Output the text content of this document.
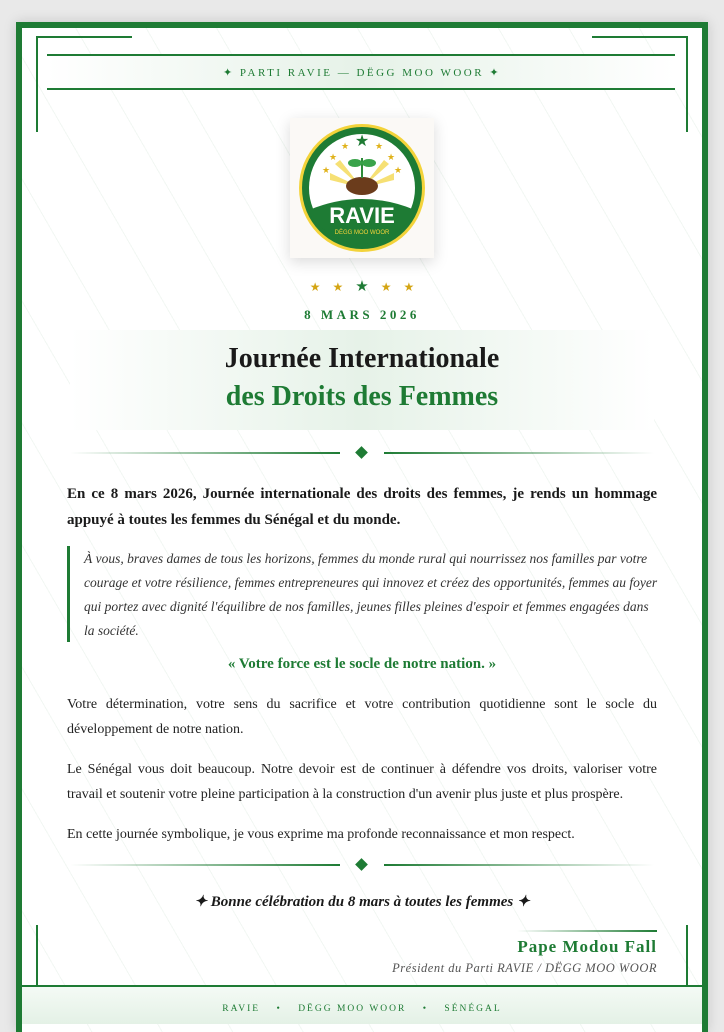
✦ PARTI RAVIE — DËGG MOO WOOR ✦
★
★	★
★	★
★	★
RAVIE
DËGG MOO WOOR
★★★★★
8 MARS 2026
Journée Internationale
des Droits des Femmes

En ce 8 mars 2026, Journée internationale des droits des femmes, je rends un hommage appuyé à toutes les femmes du Sénégal et du monde.

À vous, braves dames de tous les horizons, femmes du monde rural qui nourrissez nos familles par votre courage et votre résilience, femmes entrepreneures qui innovez et créez des opportunités, femmes au foyer qui portez avec dignité l'équilibre de nos familles, jeunes filles pleines d'espoir et femmes engagées dans la société.

« Votre force est le socle de notre nation. »

Votre détermination, votre sens du sacrifice et votre contribution quotidienne sont le socle du développement de notre nation.

Le Sénégal vous doit beaucoup. Notre devoir est de continuer à défendre vos droits, valoriser votre travail et soutenir votre pleine participation à la construction d'un avenir plus juste et plus prospère.

En cette journée symbolique, je vous exprime ma profonde reconnaissance et mon respect.

✦ Bonne célébration du 8 mars à toutes les femmes ✦
Pape Modou Fall
Président du Parti RAVIE / DËGG MOO WOOR
RAVIE • DËGG MOO WOOR • SÉNÉGAL
